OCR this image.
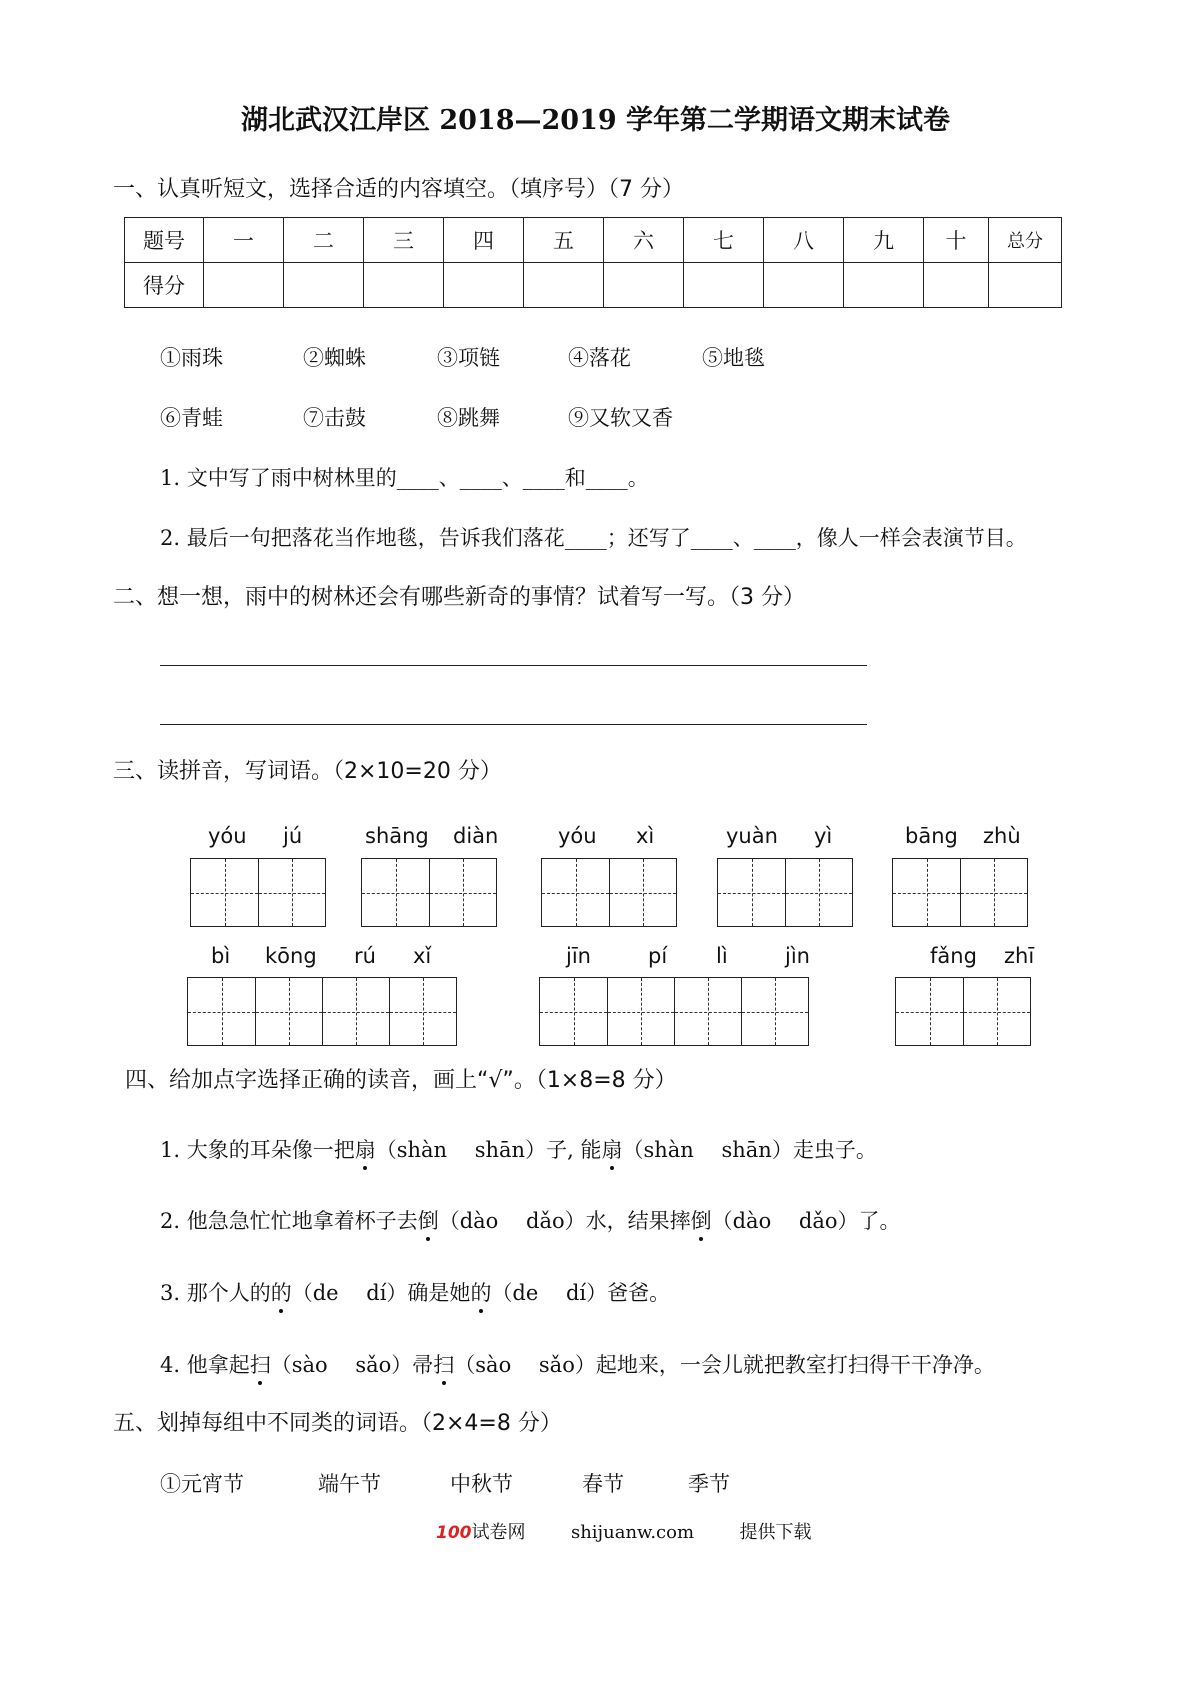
湖北武汉江岸区 2018—2019 学年第二学期语文期末试卷
一、认真听短文，选择合适的内容填空。（填序号）（7 分）
题号	一	二	三	四	五	六	七	八	九	十	总分
得分											
①雨珠	②蜘蛛	③项链	④落花	⑤地毯
⑥青蛙	⑦击鼓	⑧跳舞	⑨又软又香
1. 文中写了雨中树林里的____、____、____和____。
2. 最后一句把落花当作地毯，告诉我们落花____；还写了____、____，像人一样会表演节目。
二、想一想，雨中的树林还会有哪些新奇的事情？试着写一写。（3 分）
三、读拼音，写词语。（2×10=20 分）
yóu jú	shāng diàn	yóu xì	yuàn yì	bāng zhù
bì kōng rú xǐ	jīn	pí lì	jìn	fǎng zhī
四、给加点字选择正确的读音，画上“√”。（1×8=8 分）
1. 大象的耳朵像一把扇（shàn　 shān）子, 能扇（shàn　 shān）走虫子。
2. 他急急忙忙地拿着杯子去倒（dào　 dǎo）水，结果摔倒（dào　 dǎo）了。
3. 那个人的的（de　 dí）确是她的（de　 dí）爸爸。
4. 他拿起扫（sào　 sǎo）帚扫（sào　 sǎo）起地来，一会儿就把教室打扫得干干净净。
五、划掉每组中不同类的词语。（2×4=8 分）
①元宵节	端午节	中秋节	春节	季节
100试卷网	shijuanw.com	提供下载
